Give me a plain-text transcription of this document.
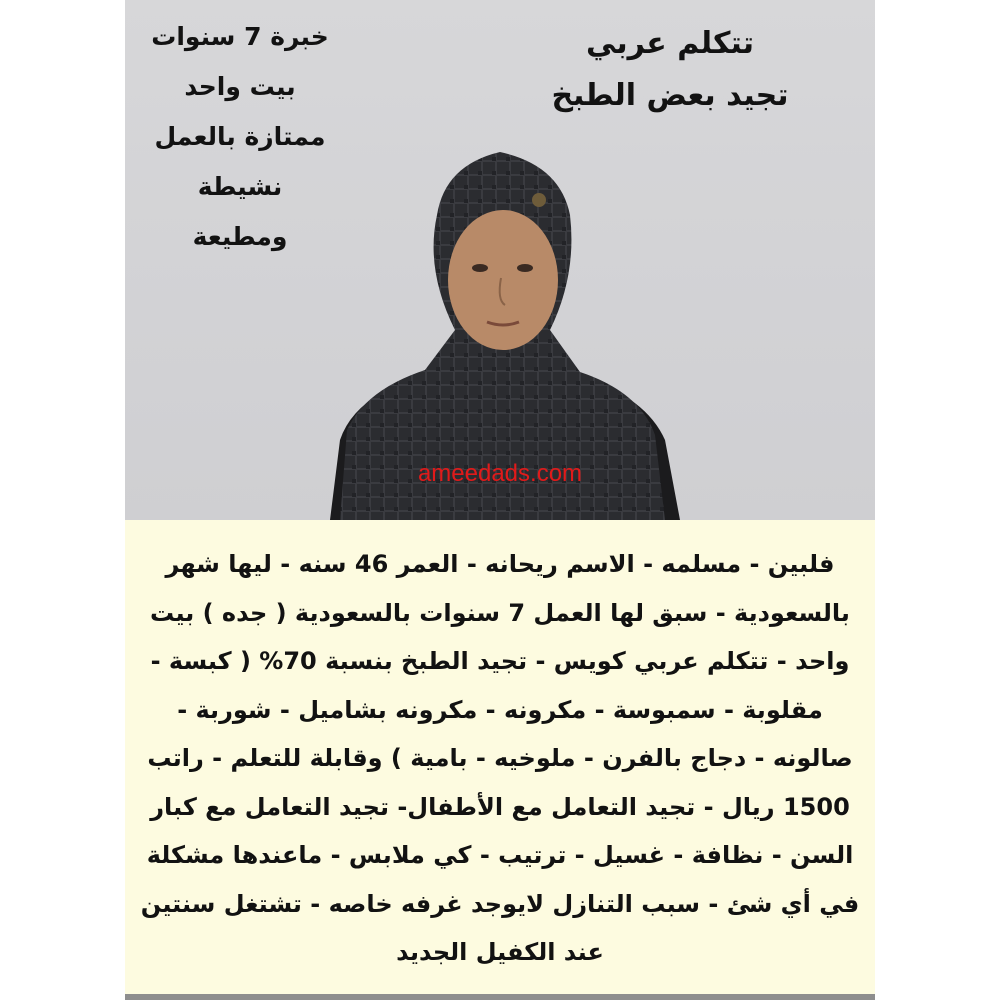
تتكلم عربي
تجيد بعض الطبخ
خبرة 7 سنوات
بيت واحد
ممتازة بالعمل
نشيطة
ومطيعة
ameedads.com
فلبين - مسلمه - الاسم ريحانه - العمر 46 سنه - ليها شهر
بالسعودية - سبق لها العمل 7 سنوات بالسعودية ( جده ) بيت
واحد - تتكلم عربي كويس - تجيد الطبخ بنسبة 70% ( كبسة -
مقلوبة - سمبوسة - مكرونه - مكرونه بشاميل - شوربة -
صالونه - دجاج بالفرن - ملوخيه - بامية ) وقابلة للتعلم - راتب
1500 ريال - تجيد التعامل مع الأطفال- تجيد التعامل مع كبار
السن - نظافة - غسيل - ترتيب - كي ملابس - ماعندها مشكلة
في أي شئ - سبب التنازل لايوجد غرفه خاصه - تشتغل سنتين
عند الكفيل الجديد
